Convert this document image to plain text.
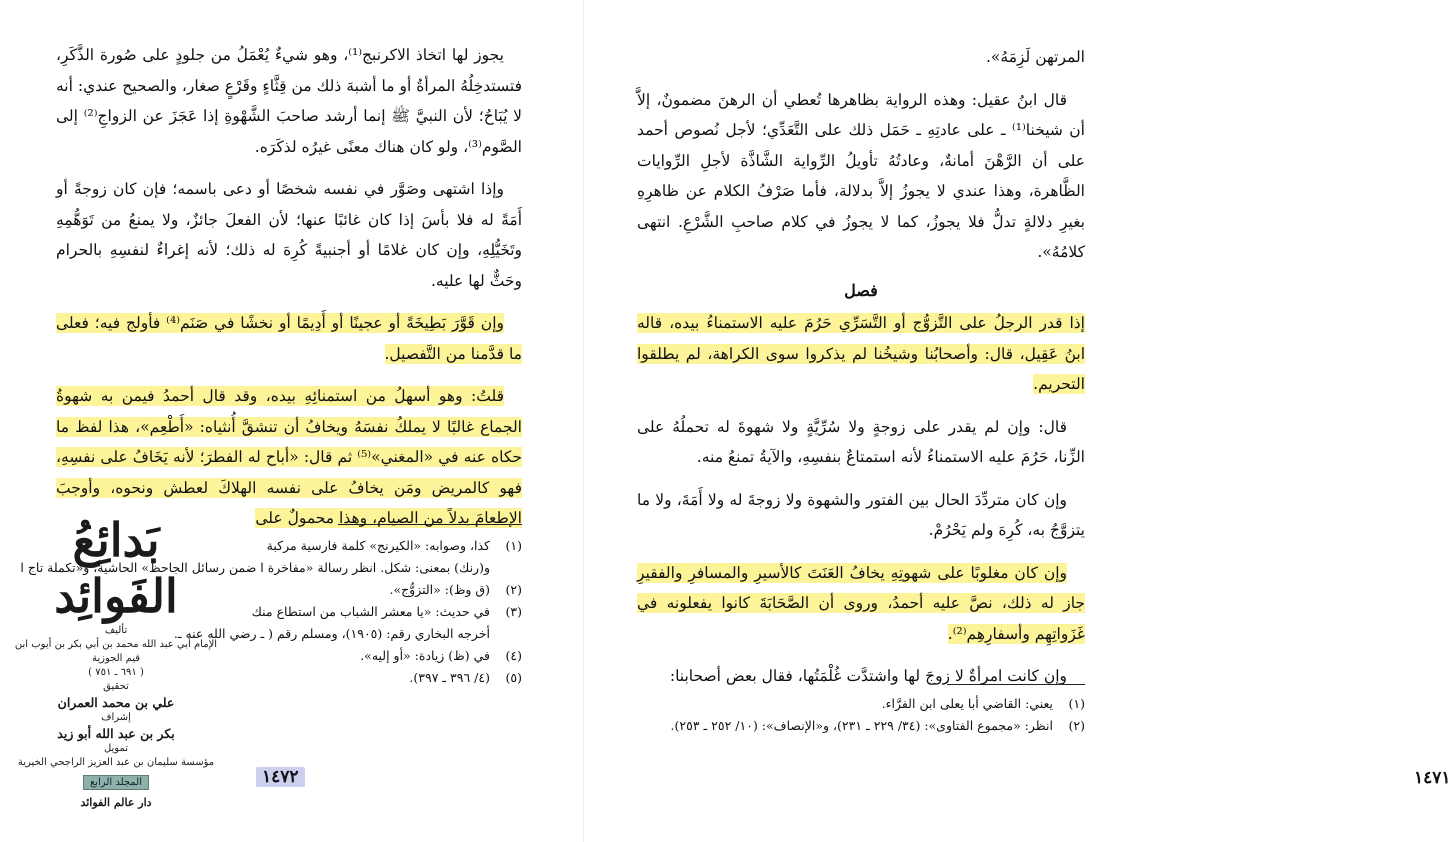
يجوز لها اتخاذ الاكرنبج⁽¹⁾، وهو شيءٌ يُعْمَلُ من جلودٍ على صُورة الذَّكَرِ، فتستدخِلُهُ المرأةُ أو ما أشبهَ ذلك من قِثَّاءٍ وقَرْعٍ صغار، والصحيح عندي: أنه لا يُبَاحُ؛ لأن النبيَّ ﷺ إنما أرشد صاحبَ الشَّهْوةِ إذا عَجَزَ عن الزواجِ⁽²⁾ إلى الصَّوم⁽³⁾، ولو كان هناك معنًى غيرُه لذكَرَه.

وإذا اشتهى وصَوَّر في نفسه شخصًا أو دعى باسمه؛ فإن كان زوجةً أو أَمَةً له فلا بأسَ إذا كان غائبًا عنها؛ لأن الفعلَ جائزٌ، ولا يمنعُ من تَوَهُّمِهِ وتَخَيُّلِهِ، وإن كان غلامًا أو أجنبيةً كُرِهَ له ذلك؛ لأنه إغراءٌ لنفسِهِ بالحرام وحَثٌّ لها عليه.

وإن قَوَّرَ بَطِيخَةً أو عجينًا أو أَدِيمًا أو نخشًا في صَنَم⁽⁴⁾ فأولج فيه؛ فعلى ما قدَّمنا من التَّفصيل.

قلتُ: وهو أسهلُ من استمنائِهِ بيده، وقد قال أحمدُ فيمن به شهوةُ الجماع غالبًا لا يملكُ نفسَهُ ويخافُ أن تنشقَّ أُنثياه: «أَطْعِم»، هذا لفظ ما حكاه عنه في «المغني»⁽⁵⁾ ثم قال: «أباح له الفطرَ؛ لأنه يَخَافُ على نفسِهِ، فهو كالمريض ومَن يخافُ على نفسه الهلاكَ لعطش ونحوه، وأوجبَ الإطعامَ بدلاً من الصيام، وهذا محمولٌ على

(١)
كذا، وصوابه: «الكيرنج» كلمة فارسية مركبة
و(رنك) بمعنى: شكل. انظر رسالة «مفاخرة ا ضمن رسائل الجاحظ» الحاشية، و«تكملة تاج ا
(٢)
(ق وظ): «التزوُّج».
(٣)
في حديث: «يا معشر الشباب من استطاع منك
أخرجه البخاري رقم: (١٩٠٥)، ومسلم رقم ( ـ رضي الله عنه ـ.
(٤)
في (ظ) زيادة: «أو إليه».
(٥)
(٤/ ٣٩٦ ـ ٣٩٧).
١٤٧٢
بَدائِعُ الفَوائِد
تأليف
الإمام أبي عبد الله محمد بن أبي بكر بن أيوب ابن قيم الجوزية
( ٦٩١ ـ ٧٥١ )
تحقيق
علي بن محمد العمران
إشراف
بكر بن عبد الله أبو زيد
تمويل
مؤسسة سليمان بن عبد العزيز الراجحي الخيرية
المجلد الرابع
دار عالم الفوائد

المرتهن لَزِمَهُ».

قال ابنُ عقيل: وهذه الرواية بظاهرها تُعطي أن الرهنَ مضمونٌ، إلاَّ أن شيخنا⁽¹⁾ ـ على عادتِهِ ـ حَمَل ذلك على التَّعَدِّي؛ لأجل نُصوص أحمد على أن الرَّهْنَ أمانةٌ، وعادتُهُ تأويلُ الرِّواية الشَّاذَّة لأجلِ الرِّوايات الظَّاهرة، وهذا عندي لا يجوزُ إلاَّ بدلالة، فأما صَرْفُ الكلام عن ظاهرِهِ بغيرِ دلالةٍ تدلُّ فلا يجوزُ، كما لا يجوزُ في كلام صاحبِ الشَّرْعِ. انتهى كلامُهُ».

فصل

إذا قدر الرجلُ على التَّزوُّج أو التَّسَرِّي حَرُمَ عليه الاستمناءُ بيده، قاله ابنُ عَقِيل، قال: وأصحابُنا وشيخُنا لم يذكروا سوى الكراهة، لم يطلقوا التحريم.

قال: وإن لم يقدر على زوجةٍ ولا سُرِّيَّةٍ ولا شهوةَ له تحملُهُ على الزِّنا، حَرُمَ عليه الاستمناءُ لأنه استمتاعٌ بنفسِهِ، والآيةُ تمنعُ منه.

وإن كان متردِّدَ الحال بين الفتور والشهوة ولا زوجةَ له ولا أَمَةَ، ولا ما يتزوَّجُ به، كُرِهَ ولم يَحْرُمْ.

وإن كان مغلوبًا على شهوتِهِ يخافُ العَنَتَ كالأسيرِ والمسافرِ والفقيرِ جاز له ذلك، نصَّ عليه أحمدُ، وروى أن الصَّحَابَةَ كانوا يفعلونه في غَزَواتِهِم وأسفارِهِم⁽²⁾.

وإن كانت امرأةٌ لا زوجَ لها واشتدَّت غُلْمَتُها، فقال بعض أصحابنا:

(١)
يعني: القاضي أبا يعلى ابن الفرَّاء.
(٢)
انظر: «مجموع الفتاوى»: (٣٤/ ٢٢٩ ـ ٢٣١)، و«الإنصاف»: (١٠/ ٢٥٢ ـ ٢٥٣).
١٤٧١
